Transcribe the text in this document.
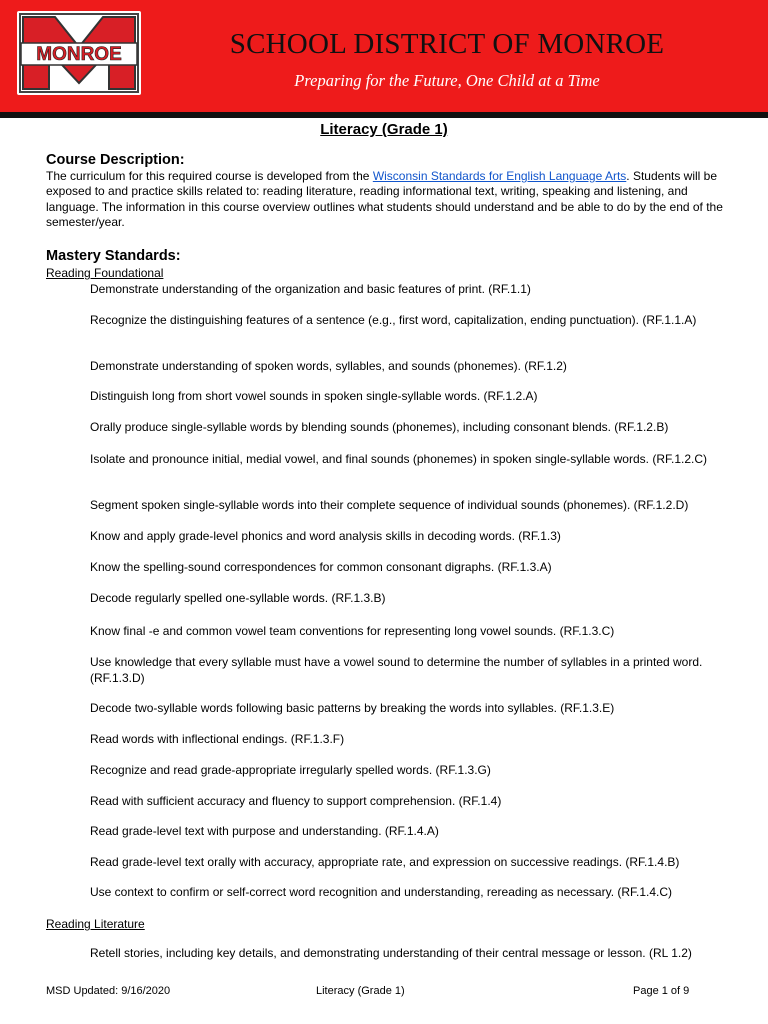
MONROE	SCHOOL DISTRICT OF MONROE
Preparing for the Future, One Child at a Time
Literacy (Grade 1)
Course Description:
The curriculum for this required course is developed from the Wisconsin Standards for English Language Arts. Students will be exposed to and practice skills related to: reading literature, reading informational text, writing, speaking and listening, and language. The information in this course overview outlines what students should understand and be able to do by the end of the semester/year.
Mastery Standards:
Reading Foundational
Demonstrate understanding of the organization and basic features of print. (RF.1.1)
Recognize the distinguishing features of a sentence (e.g., first word, capitalization, ending punctuation). (RF.1.1.A)
Demonstrate understanding of spoken words, syllables, and sounds (phonemes). (RF.1.2)
Distinguish long from short vowel sounds in spoken single-syllable words. (RF.1.2.A)
Orally produce single-syllable words by blending sounds (phonemes), including consonant blends. (RF.1.2.B)
Isolate and pronounce initial, medial vowel, and final sounds (phonemes) in spoken single-syllable words. (RF.1.2.C)
Segment spoken single-syllable words into their complete sequence of individual sounds (phonemes). (RF.1.2.D)
Know and apply grade-level phonics and word analysis skills in decoding words. (RF.1.3)
Know the spelling-sound correspondences for common consonant digraphs. (RF.1.3.A)
Decode regularly spelled one-syllable words. (RF.1.3.B)
Know final -e and common vowel team conventions for representing long vowel sounds. (RF.1.3.C)
Use knowledge that every syllable must have a vowel sound to determine the number of syllables in a printed word. (RF.1.3.D)
Decode two-syllable words following basic patterns by breaking the words into syllables. (RF.1.3.E)
Read words with inflectional endings. (RF.1.3.F)
Recognize and read grade-appropriate irregularly spelled words. (RF.1.3.G)
Read with sufficient accuracy and fluency to support comprehension. (RF.1.4)
Read grade-level text with purpose and understanding. (RF.1.4.A)
Read grade-level text orally with accuracy, appropriate rate, and expression on successive readings. (RF.1.4.B)
Use context to confirm or self-correct word recognition and understanding, rereading as necessary. (RF.1.4.C)
Reading Literature
Retell stories, including key details, and demonstrating understanding of their central message or lesson. (RL 1.2)
MSD Updated: 9/16/2020	Literacy (Grade 1)	Page 1 of 9
